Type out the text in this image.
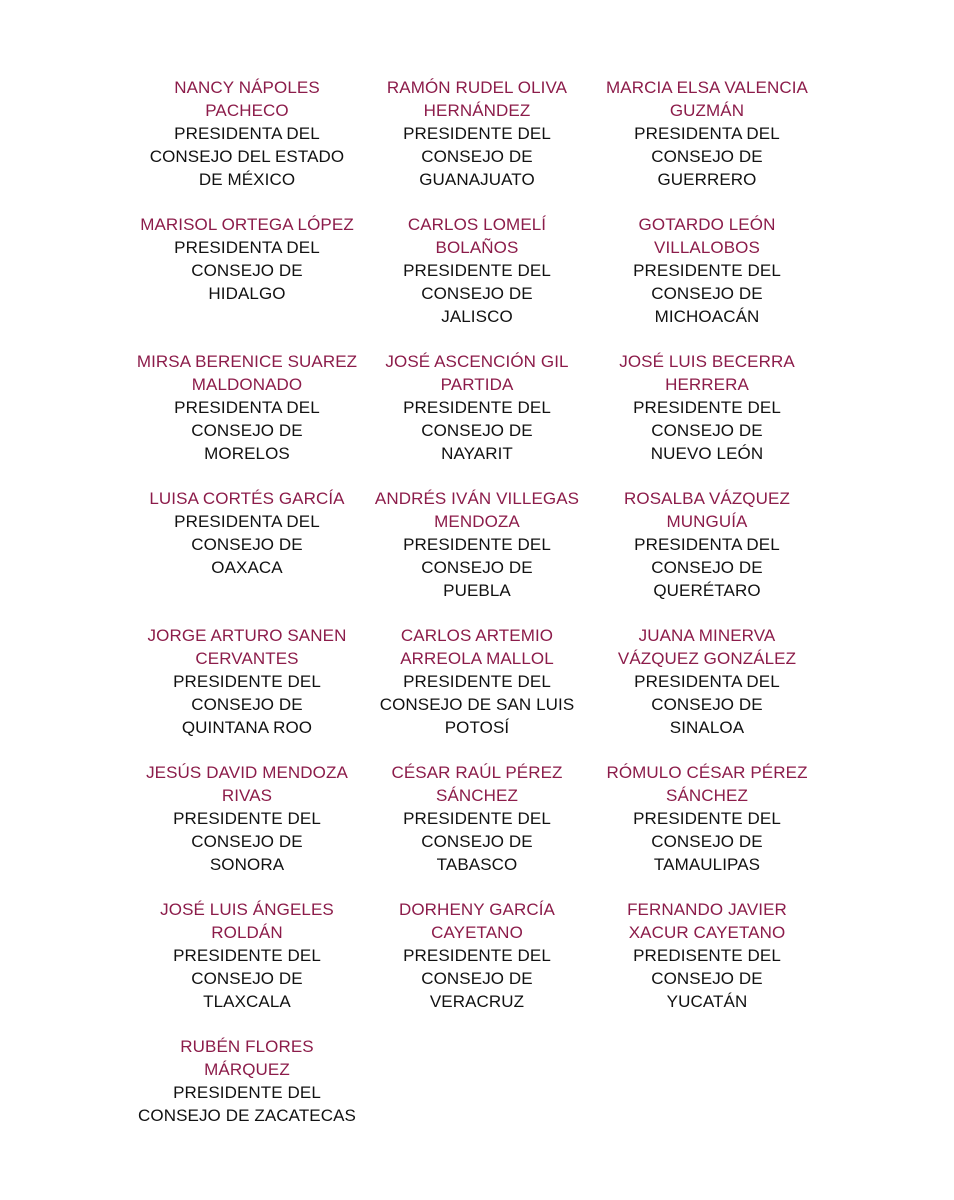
NANCY NÁPOLES
PACHECO
PRESIDENTA DEL
CONSEJO DEL ESTADO
DE MÉXICO
RAMÓN RUDEL OLIVA
HERNÁNDEZ
PRESIDENTE DEL
CONSEJO DE
GUANAJUATO
MARCIA ELSA VALENCIA
GUZMÁN
PRESIDENTA DEL
CONSEJO DE
GUERRERO
MARISOL ORTEGA LÓPEZ
PRESIDENTA DEL
CONSEJO DE
HIDALGO
CARLOS LOMELÍ
BOLAÑOS
PRESIDENTE DEL
CONSEJO DE
JALISCO
GOTARDO LEÓN
VILLALOBOS
PRESIDENTE DEL
CONSEJO DE
MICHOACÁN
MIRSA BERENICE SUAREZ
MALDONADO
PRESIDENTA DEL
CONSEJO DE
MORELOS
JOSÉ ASCENCIÓN GIL
PARTIDA
PRESIDENTE DEL
CONSEJO DE
NAYARIT
JOSÉ LUIS BECERRA
HERRERA
PRESIDENTE DEL
CONSEJO DE
NUEVO LEÓN
LUISA CORTÉS GARCÍA
PRESIDENTA DEL
CONSEJO DE
OAXACA
ANDRÉS IVÁN VILLEGAS
MENDOZA
PRESIDENTE DEL
CONSEJO DE
PUEBLA
ROSALBA VÁZQUEZ
MUNGUÍA
PRESIDENTA DEL
CONSEJO DE
QUERÉTARO
JORGE ARTURO SANEN
CERVANTES
PRESIDENTE DEL
CONSEJO DE
QUINTANA ROO
CARLOS ARTEMIO
ARREOLA MALLOL
PRESIDENTE DEL
CONSEJO DE SAN LUIS
POTOSÍ
JUANA MINERVA
VÁZQUEZ GONZÁLEZ
PRESIDENTA DEL
CONSEJO DE
SINALOA
JESÚS DAVID MENDOZA
RIVAS
PRESIDENTE DEL
CONSEJO DE
SONORA
CÉSAR RAÚL PÉREZ
SÁNCHEZ
PRESIDENTE DEL
CONSEJO DE
TABASCO
RÓMULO CÉSAR PÉREZ
SÁNCHEZ
PRESIDENTE DEL
CONSEJO DE
TAMAULIPAS
JOSÉ LUIS ÁNGELES
ROLDÁN
PRESIDENTE DEL
CONSEJO DE
TLAXCALA
DORHENY GARCÍA
CAYETANO
PRESIDENTE DEL
CONSEJO DE
VERACRUZ
FERNANDO JAVIER
XACUR CAYETANO
PREDISENTE DEL
CONSEJO DE
YUCATÁN
RUBÉN FLORES
MÁRQUEZ
PRESIDENTE DEL
CONSEJO DE ZACATECAS
